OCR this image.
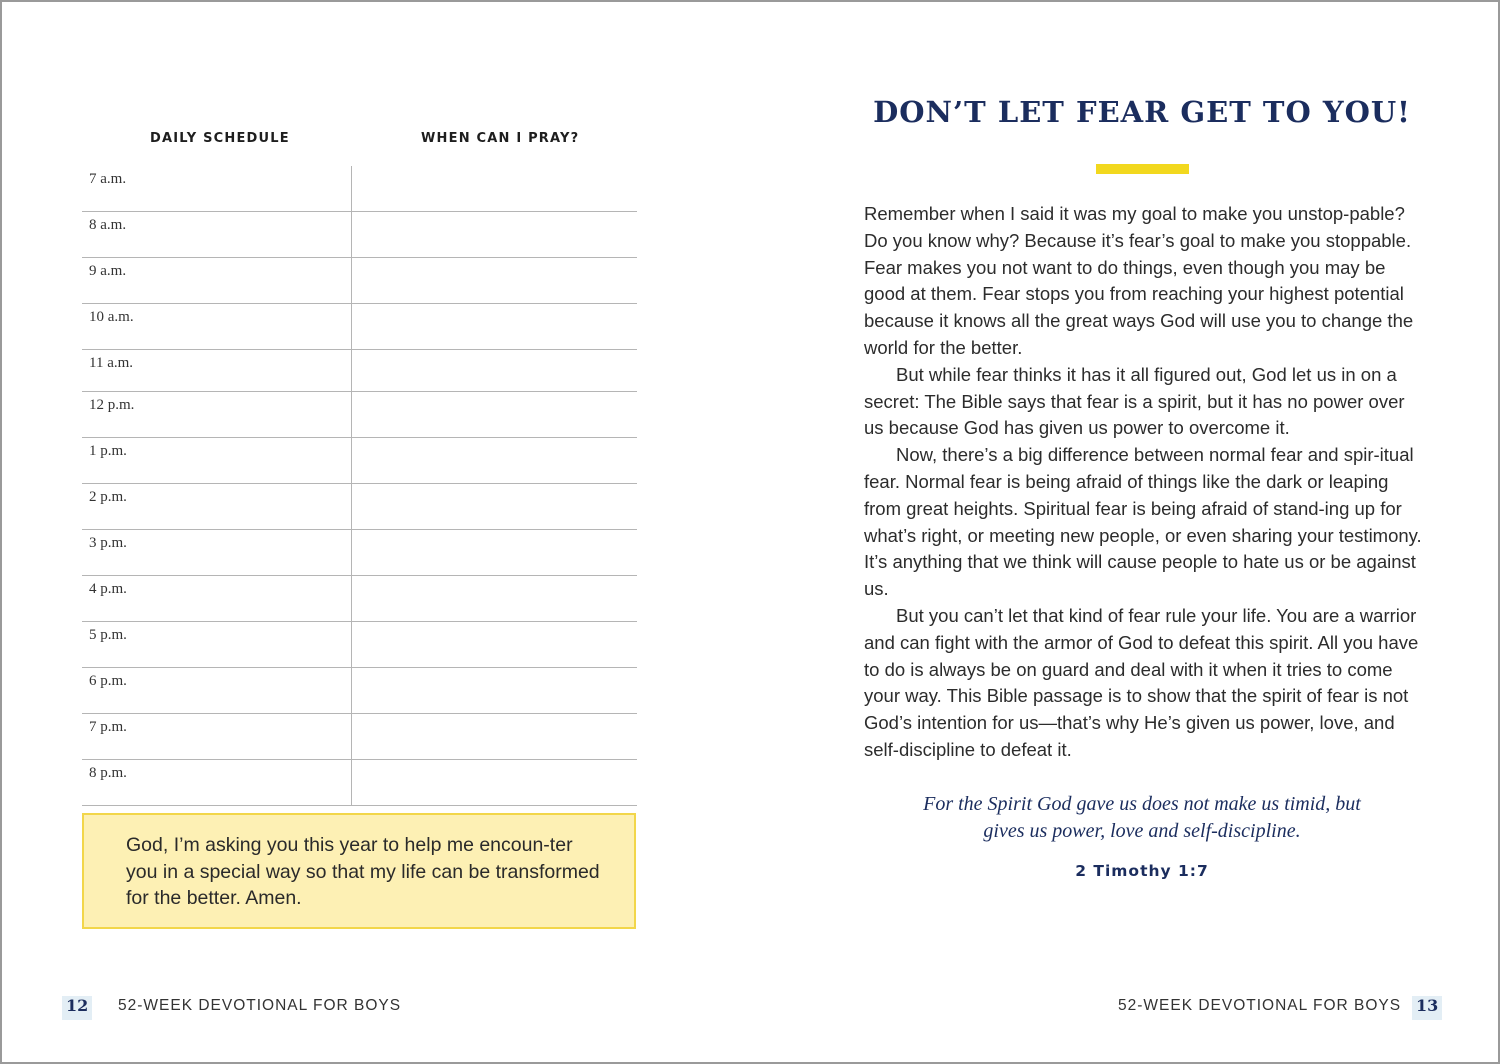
DAILY SCHEDULE	WHEN CAN I PRAY?
7 a.m.
8 a.m.
9 a.m.
10 a.m.
11 a.m.
12 p.m.
1 p.m.
2 p.m.
3 p.m.
4 p.m.
5 p.m.
6 p.m.
7 p.m.
8 p.m.

God, I’m asking you this year to help me encoun-ter you in a special way so that my life can be transformed for the better. Amen.

12 52-WEEK DEVOTIONAL FOR BOYS
DON’T LET FEAR GET TO YOU!

Remember when I said it was my goal to make you unstop-pable? Do you know why? Because it’s fear’s goal to make you stoppable. Fear makes you not want to do things, even though you may be good at them. Fear stops you from reaching your highest potential because it knows all the great ways God will use you to change the world for the better.

But while fear thinks it has it all figured out, God let us in on a secret: The Bible says that fear is a spirit, but it has no power over us because God has given us power to overcome it.

Now, there’s a big difference between normal fear and spir-itual fear. Normal fear is being afraid of things like the dark or leaping from great heights. Spiritual fear is being afraid of stand-ing up for what’s right, or meeting new people, or even sharing your testimony. It’s anything that we think will cause people to hate us or be against us.

But you can’t let that kind of fear rule your life. You are a warrior and can fight with the armor of God to defeat this spirit. All you have to do is always be on guard and deal with it when it tries to come your way. This Bible passage is to show that the spirit of fear is not God’s intention for us—that’s why He’s given us power, love, and self-discipline to defeat it.

For the Spirit God gave us does not make us timid, but
gives us power, love and self-discipline.
2 Timothy 1:7
52-WEEK DEVOTIONAL FOR BOYS 13
